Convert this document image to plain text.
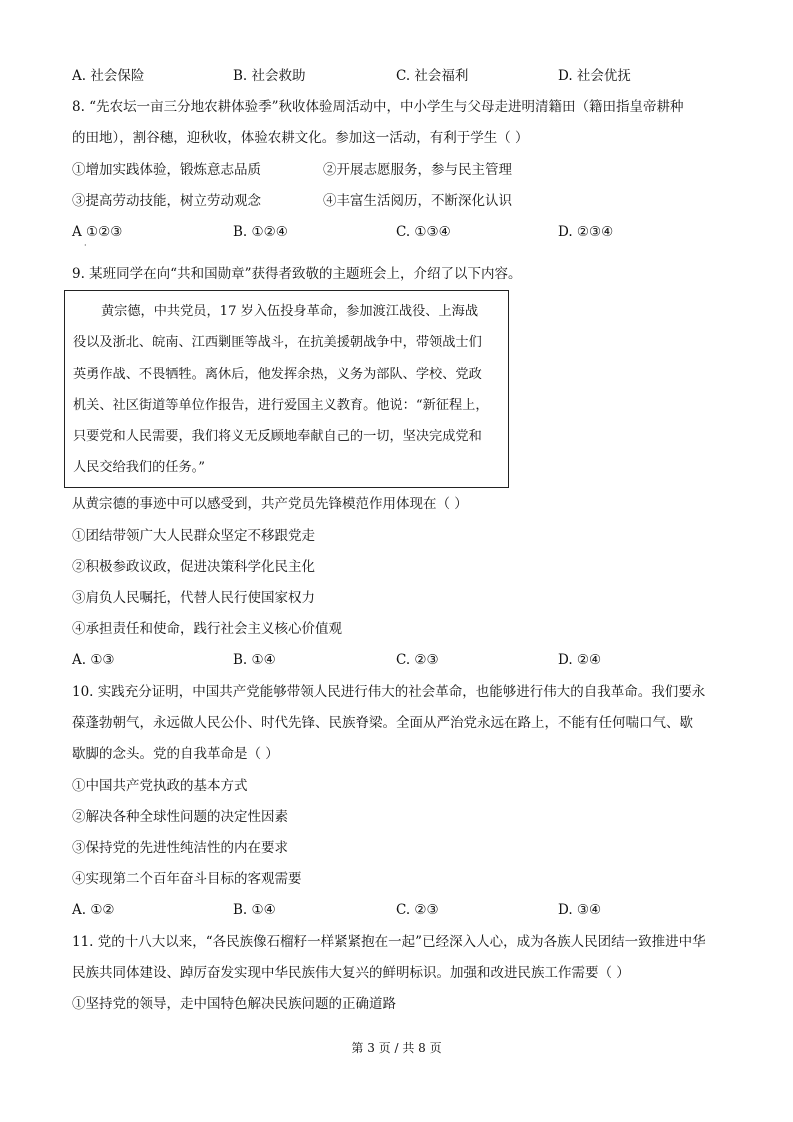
A. 社会保险	B. 社会救助	C. 社会福利	D. 社会优抚
8. “先农坛一亩三分地农耕体验季”秋收体验周活动中，中小学生与父母走进明清籍田（籍田指皇帝耕种
的田地），割谷穗，迎秋收，体验农耕文化。参加这一活动，有利于学生（ ）
①增加实践体验，锻炼意志品质	②开展志愿服务，参与民主管理
③提高劳动技能，树立劳动观念	④丰富生活阅历，不断深化认识
A ①②③	B. ①②④	C. ①③④	D. ②③④
·
9. 某班同学在向“共和国勋章”获得者致敬的主题班会上，介绍了以下内容。
黄宗德，中共党员，17 岁入伍投身革命，参加渡江战役、上海战
役以及浙北、皖南、江西剿匪等战斗，在抗美援朝战争中，带领战士们
英勇作战、不畏牺牲。离休后，他发挥余热，义务为部队、学校、党政
机关、社区街道等单位作报告，进行爱国主义教育。他说：“新征程上，
只要党和人民需要，我们将义无反顾地奉献自己的一切，坚决完成党和
人民交给我们的任务。”
从黄宗德的事迹中可以感受到，共产党员先锋模范作用体现在（ ）
①团结带领广大人民群众坚定不移跟党走
②积极参政议政，促进决策科学化民主化
③肩负人民嘱托，代替人民行使国家权力
④承担责任和使命，践行社会主义核心价值观
A. ①③	B. ①④	C. ②③	D. ②④
10. 实践充分证明，中国共产党能够带领人民进行伟大的社会革命，也能够进行伟大的自我革命。我们要永
葆蓬勃朝气，永远做人民公仆、时代先锋、民族脊梁。全面从严治党永远在路上，不能有任何喘口气、歇
歇脚的念头。党的自我革命是（ ）
①中国共产党执政的基本方式
②解决各种全球性问题的决定性因素
③保持党的先进性纯洁性的内在要求
④实现第二个百年奋斗目标的客观需要
A. ①②	B. ①④	C. ②③	D. ③④
11. 党的十八大以来，“各民族像石榴籽一样紧紧抱在一起”已经深入人心，成为各族人民团结一致推进中华
民族共同体建设、踔厉奋发实现中华民族伟大复兴的鲜明标识。加强和改进民族工作需要（ ）
①坚持党的领导，走中国特色解决民族问题的正确道路
第 3 页 / 共 8 页
